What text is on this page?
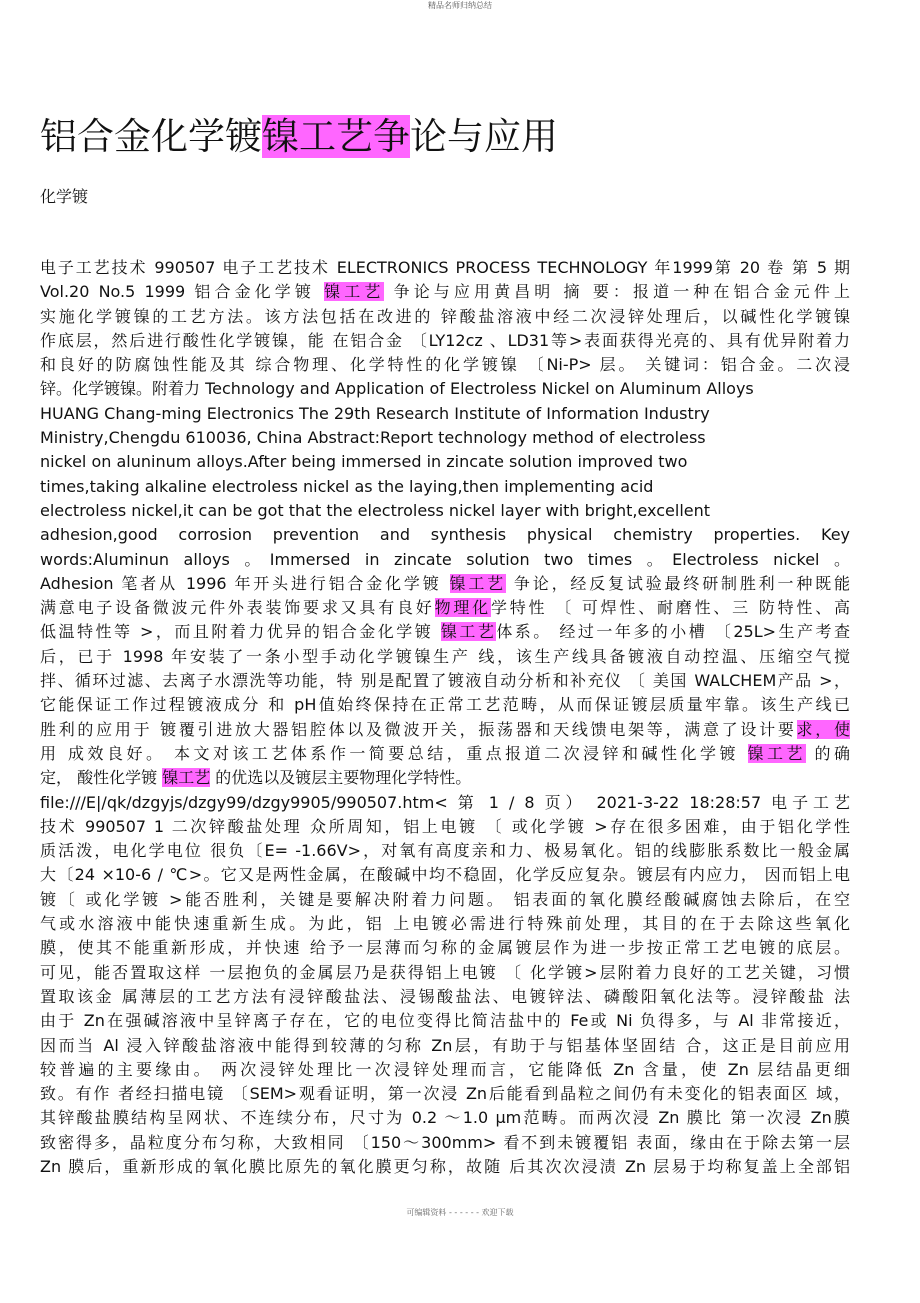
精品名师归纳总结
铝合金化学镀镍工艺争论与应用
化学镀
电子工艺技术 990507 电子工艺技术 ELECTRONICS PROCESS TECHNOLOGY 年1999第 20 卷 第 5 期
Vol.20 No.5 1999 铝合金化学镀 镍工艺 争论与应用黄昌明 摘 要：报道一种在铝合金元件上
实施化学镀镍的工艺方法。该方法包括在改进的 锌酸盐溶液中经二次浸锌处理后，以碱性化学镀镍
作底层，然后进行酸性化学镀镍，能 在铝合金 〔LY12cz 、LD31等>表面获得光亮的、具有优异附着力
和良好的防腐蚀性能及其 综合物理、化学特性的化学镀镍 〔Ni-P> 层。 关键词：铝合金。二次浸
锌。化学镀镍。附着力 Technology and Application of Electroless Nickel on Aluminum Alloys
HUANG Chang-ming Electronics The 29th Research Institute of Information Industry
Ministry,Chengdu 610036, China Abstract:Report technology method of electroless
nickel on aluninum alloys.After being immersed in zincate solution improved two
times,taking alkaline electroless nickel as the laying,then implementing acid
electroless nickel,it can be got that the electroless nickel layer with bright,excellent
adhesion,good corrosion prevention and synthesis physical chemistry properties. Key
words:Aluminun alloys 。Immersed in zincate solution two times 。Electroless nickel 。
Adhesion 笔者从 1996 年开头进行铝合金化学镀 镍工艺 争论，经反复试验最终研制胜利一种既能
满意电子设备微波元件外表装饰要求又具有良好物理化学特性 〔 可焊性、耐磨性、三 防特性、高
低温特性等 >，而且附着力优异的铝合金化学镀 镍工艺体系。 经过一年多的小槽 〔25L>生产考查
后，已于 1998 年安装了一条小型手动化学镀镍生产 线，该生产线具备镀液自动控温、压缩空气搅
拌、循环过滤、去离子水漂洗等功能，特 别是配置了镀液自动分析和补充仪 〔 美国 WALCHEM产品 >，
它能保证工作过程镀液成分 和 pH值始终保持在正常工艺范畴，从而保证镀层质量牢靠。该生产线已
胜利的应用于 镀覆引进放大器铝腔体以及微波开关，振荡器和天线馈电架等，满意了设计要求，使
用 成效良好。 本文对该工艺体系作一简要总结，重点报道二次浸锌和碱性化学镀 镍工艺 的确
定， 酸性化学镀 镍工艺 的优选以及镀层主要物理化学特性。
file:///E|/qk/dzgyjs/dzgy99/dzgy9905/990507.htm< 第 1 / 8 页） 2021-3-22 18:28:57 电子工艺
技术 990507 1 二次锌酸盐处理 众所周知，铝上电镀 〔 或化学镀 >存在很多困难，由于铝化学性
质活泼，电化学电位 很负〔E= -1.66V>，对氧有高度亲和力、极易氧化。铝的线膨胀系数比一般金属
大〔24 ×10-6 / ℃>。它又是两性金属，在酸碱中均不稳固，化学反应复杂。镀层有内应力， 因而铝上电
镀〔 或化学镀 >能否胜利，关键是要解决附着力问题。 铝表面的氧化膜经酸碱腐蚀去除后，在空
气或水溶液中能快速重新生成。为此，铝 上电镀必需进行特殊前处理，其目的在于去除这些氧化
膜，使其不能重新形成，并快速 给予一层薄而匀称的金属镀层作为进一步按正常工艺电镀的底层。
可见，能否置取这样 一层抱负的金属层乃是获得铝上电镀 〔 化学镀>层附着力良好的工艺关键，习惯
置取该金 属薄层的工艺方法有浸锌酸盐法、浸锡酸盐法、电镀锌法、磷酸阳氧化法等。浸锌酸盐 法
由于 Zn在强碱溶液中呈锌离子存在，它的电位变得比简洁盐中的 Fe或 Ni 负得多，与 Al 非常接近，
因而当 Al 浸入锌酸盐溶液中能得到较薄的匀称 Zn层，有助于与铝基体坚固结 合，这正是目前应用
较普遍的主要缘由。 两次浸锌处理比一次浸锌处理而言，它能降低 Zn 含量，使 Zn 层结晶更细
致。有作 者经扫描电镜 〔SEM>观看证明，第一次浸 Zn后能看到晶粒之间仍有未变化的铝表面区 域，
其锌酸盐膜结构呈网状、不连续分布，尺寸为 0.2 ～1.0 μm范畴。而两次浸 Zn 膜比 第一次浸 Zn膜
致密得多，晶粒度分布匀称，大致相同 〔150～300mm> 看不到未镀覆铝 表面，缘由在于除去第一层
Zn 膜后，重新形成的氧化膜比原先的氧化膜更匀称，故随 后其次次浸渍 Zn 层易于均称复盖上全部铝
可编辑资料 - - - - - - 欢迎下载
